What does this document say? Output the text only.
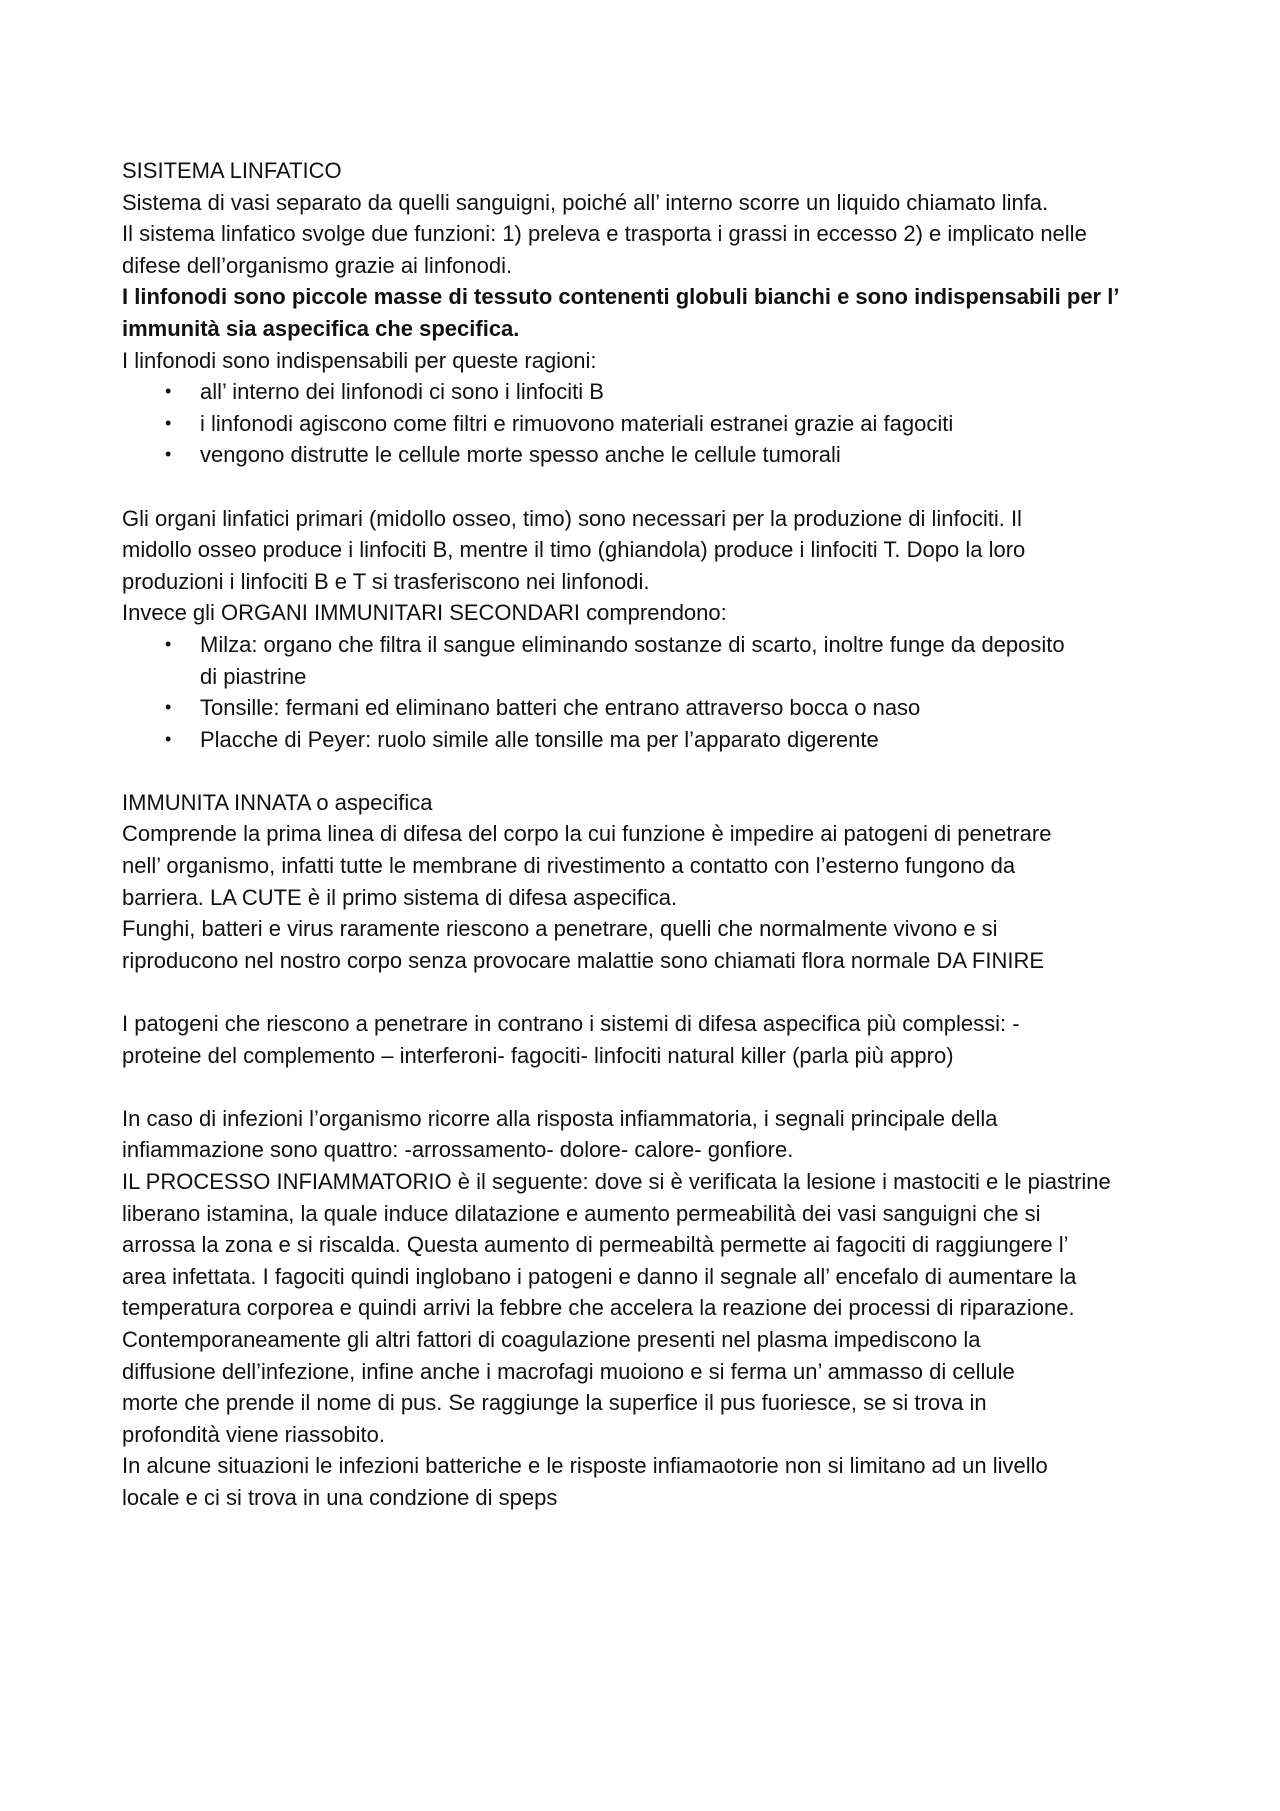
SISITEMA LINFATICO
Sistema di vasi separato da quelli sanguigni, poiché all’ interno scorre un liquido chiamato linfa.
Il sistema linfatico svolge due funzioni: 1) preleva e trasporta i grassi in eccesso 2) e implicato nelle
difese dell’organismo grazie ai linfonodi.
I linfonodi sono piccole masse di tessuto contenenti globuli bianchi e sono indispensabili per l’
immunità sia aspecifica che specifica.
I linfonodi sono indispensabili per queste ragioni:
• all’ interno dei linfonodi ci sono i linfociti B
• i linfonodi agiscono come filtri e rimuovono materiali estranei grazie ai fagociti
• vengono distrutte le cellule morte spesso anche le cellule tumorali
Gli organi linfatici primari (midollo osseo, timo) sono necessari per la produzione di linfociti. Il
midollo osseo produce i linfociti B, mentre il timo (ghiandola) produce i linfociti T. Dopo la loro
produzioni i linfociti B e T si trasferiscono nei linfonodi.
Invece gli ORGANI IMMUNITARI SECONDARI comprendono:
• Milza: organo che filtra il sangue eliminando sostanze di scarto, inoltre funge da deposito
di piastrine
• Tonsille: fermani ed eliminano batteri che entrano attraverso bocca o naso
• Placche di Peyer: ruolo simile alle tonsille ma per l’apparato digerente
IMMUNITA INNATA o aspecifica
Comprende la prima linea di difesa del corpo la cui funzione è impedire ai patogeni di penetrare
nell’ organismo, infatti tutte le membrane di rivestimento a contatto con l’esterno fungono da
barriera. LA CUTE è il primo sistema di difesa aspecifica.
Funghi, batteri e virus raramente riescono a penetrare, quelli che normalmente vivono e si
riproducono nel nostro corpo senza provocare malattie sono chiamati flora normale DA FINIRE
I patogeni che riescono a penetrare in contrano i sistemi di difesa aspecifica più complessi: -
proteine del complemento – interferoni- fagociti- linfociti natural killer (parla più appro)
In caso di infezioni l’organismo ricorre alla risposta infiammatoria, i segnali principale della
infiammazione sono quattro: -arrossamento- dolore- calore- gonfiore.
IL PROCESSO INFIAMMATORIO è il seguente: dove si è verificata la lesione i mastociti e le piastrine
liberano istamina, la quale induce dilatazione e aumento permeabilità dei vasi sanguigni che si
arrossa la zona e si riscalda. Questa aumento di permeabiltà permette ai fagociti di raggiungere l’
area infettata. I fagociti quindi inglobano i patogeni e danno il segnale all’ encefalo di aumentare la
temperatura corporea e quindi arrivi la febbre che accelera la reazione dei processi di riparazione.
Contemporaneamente gli altri fattori di coagulazione presenti nel plasma impediscono la
diffusione dell’infezione, infine anche i macrofagi muoiono e si ferma un’ ammasso di cellule
morte che prende il nome di pus. Se raggiunge la superfice il pus fuoriesce, se si trova in
profondità viene riassobito.
In alcune situazioni le infezioni batteriche e le risposte infiamaotorie non si limitano ad un livello
locale e ci si trova in una condzione di speps
